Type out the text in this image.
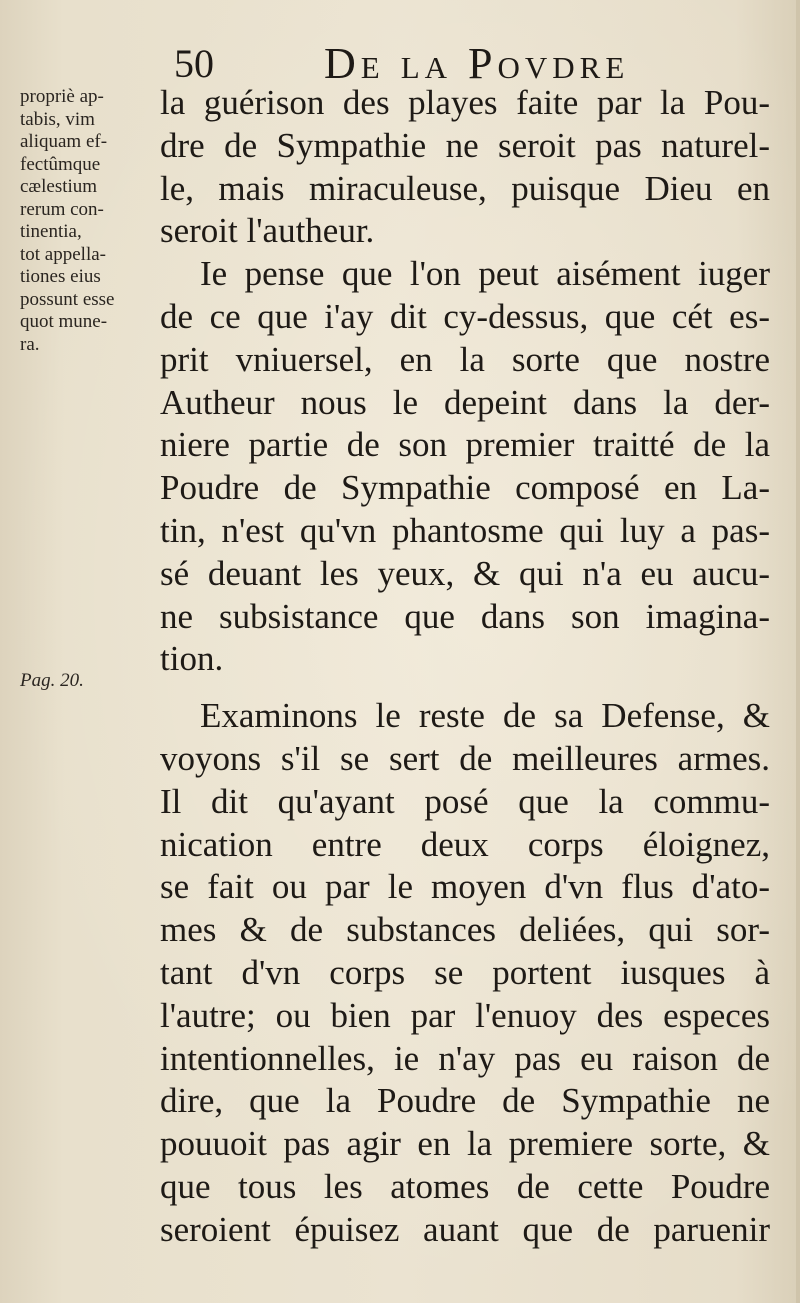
50	De la Povdre
propriè ap-
tabis, vim
aliquam ef-
fectûmque
cælestium
rerum con-
tinentia,
tot appella-
tiones eius
possunt esse
quot mune-
ra.
Pag. 20.
la guérison des playes faite par la Pou-
dre de Sympathie ne seroit pas naturel-
le, mais miraculeuse, puisque Dieu en
seroit l'autheur.
Ie pense que l'on peut aisément iuger
de ce que i'ay dit cy-dessus, que cét es-
prit vniuersel, en la sorte que nostre
Autheur nous le depeint dans la der-
niere partie de son premier traitté de la
Poudre de Sympathie composé en La-
tin, n'est qu'vn phantosme qui luy a pas-
sé deuant les yeux, & qui n'a eu aucu-
ne subsistance que dans son imagina-
tion.
Examinons le reste de sa Defense, &
voyons s'il se sert de meilleures armes.
Il dit qu'ayant posé que la commu-
nication entre deux corps éloignez,
se fait ou par le moyen d'vn flus d'ato-
mes & de substances deliées, qui sor-
tant d'vn corps se portent iusques à
l'autre; ou bien par l'enuoy des especes
intentionnelles, ie n'ay pas eu raison de
dire, que la Poudre de Sympathie ne
pouuoit pas agir en la premiere sorte, &
que tous les atomes de cette Poudre
seroient épuisez auant que de paruenir
